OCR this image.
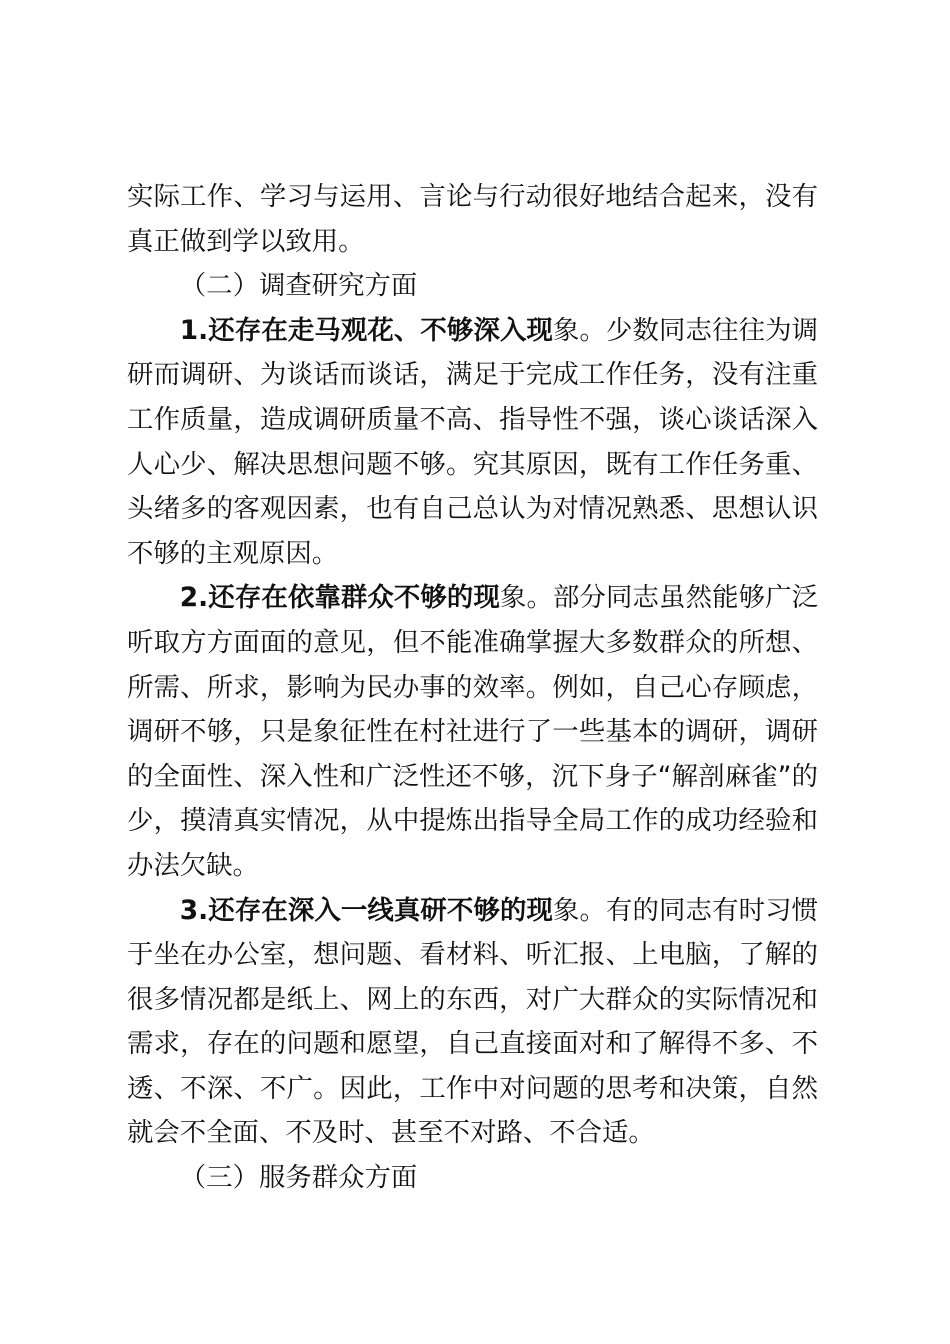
实际工作、学习与运用、言论与行动很好地结合起来，没有真正做到学以致用。

（二）调查研究方面

1.还存在走马观花、不够深入现象。少数同志往往为调研而调研、为谈话而谈话，满足于完成工作任务，没有注重工作质量，造成调研质量不高、指导性不强，谈心谈话深入人心少、解决思想问题不够。究其原因，既有工作任务重、头绪多的客观因素，也有自己总认为对情况熟悉、思想认识不够的主观原因。

2.还存在依靠群众不够的现象。部分同志虽然能够广泛听取方方面面的意见，但不能准确掌握大多数群众的所想、所需、所求，影响为民办事的效率。例如，自己心存顾虑，调研不够，只是象征性在村社进行了一些基本的调研，调研的全面性、深入性和广泛性还不够，沉下身子“解剖麻雀”的少，摸清真实情况，从中提炼出指导全局工作的成功经验和办法欠缺。

3.还存在深入一线真研不够的现象。有的同志有时习惯于坐在办公室，想问题、看材料、听汇报、上电脑，了解的很多情况都是纸上、网上的东西，对广大群众的实际情况和需求，存在的问题和愿望，自己直接面对和了解得不多、不透、不深、不广。因此，工作中对问题的思考和决策，自然就会不全面、不及时、甚至不对路、不合适。

（三）服务群众方面
